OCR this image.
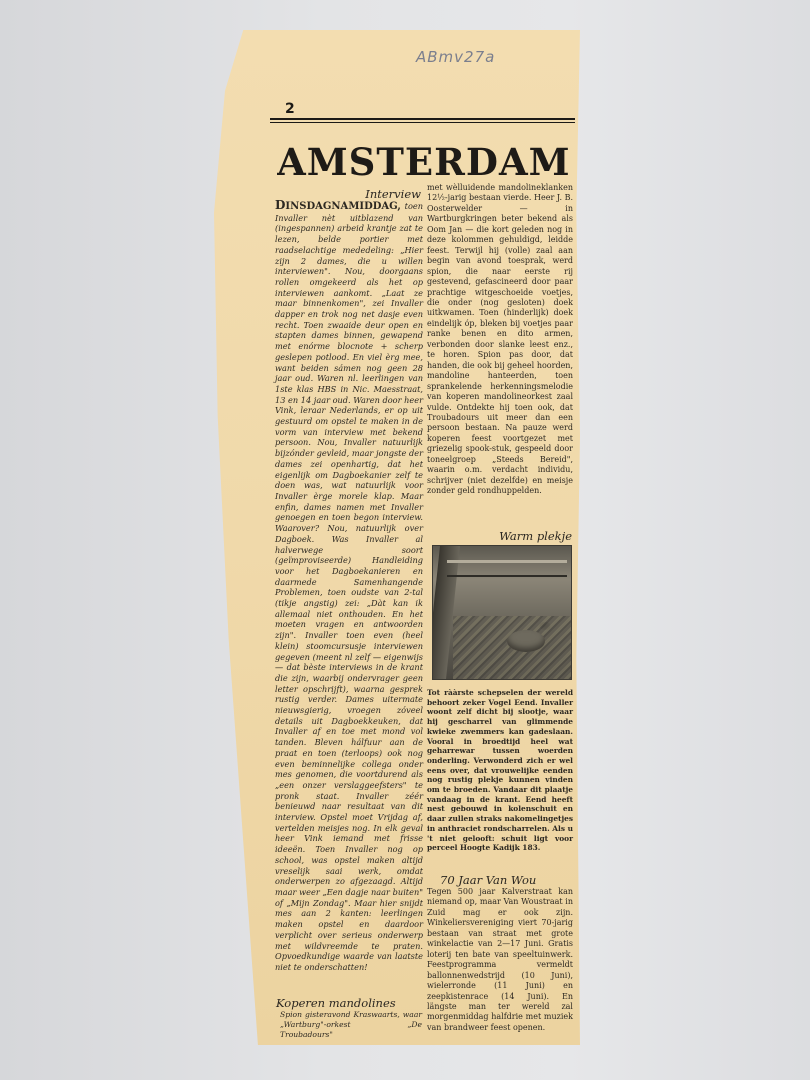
ABmv27a
2
AMSTERDAM
Interview
DINSDAGNAMIDDAG, toen Invaller nèt uitblazend van (ingespannen) arbeid krantje zat te lezen, belde portier met raadselachtige mededeling: „Hier zijn 2 dames, die u willen interviewen". Nou, doorgaans rollen omgekeerd als het op interviewen aankomt. „Laat ze maar binnenkomen", zei Invaller dapper en trok nog net dasje even recht. Toen zwaaide deur open en stapten dames binnen, gewapend met enórme blocnote + scherp geslepen potlood. En viel èrg mee, want beiden sámen nog geen 28 jaar oud. Waren nl. leerlingen van 1ste klas HBS in Nic. Maesstraat, 13 en 14 jaar oud. Waren door heer Vink, leraar Nederlands, er op uit gestuurd om opstel te maken in de vorm van interview met bekend persoon. Nou, Invaller natuurlijk bijzónder gevleid, maar jongste der dames zei openhartig, dat het eigenlijk om Dagboekanier zelf te doen was, wat natuurlijk voor Invaller èrge morele klap. Maar enfin, dames namen met Invaller genoegen en toen begon interview. Waarover? Nou, natuurlijk over Dagboek. Was Invaller al halverwege soort (geïmproviseerde) Handleiding voor het Dagboekanieren en daarmede Samenhangende Problemen, toen oudste van 2-tal (tikje angstig) zei: „Dàt kan ik allemaal niet onthouden. En het moeten vragen en antwoorden zijn". Invaller toen even (heel klein) stoomcursusje interviewen gegeven (meent nl zelf — eigenwijs — dat bèste interviews in de krant die zijn, waarbij ondervrager geen letter opschrijft), waarna gesprek rustig verder. Dames uitermate nieuwsgierig, vroegen zóveel details uit Dagboekkeuken, dat Invaller af en toe met mond vol tanden. Bleven hálfuur aan de praat en toen (terloops) ook nog even beminnelijke collega onder mes genomen, die voortdurend als „een onzer verslaggeefsters" te pronk staat. Invaller zéér benieuwd naar resultaat van dit interview. Opstel moet Vrijdag af, vertelden meisjes nog. In elk geval heer Vink iemand met frisse ideeën. Toen Invaller nog op school, was opstel maken altijd vreselijk saai werk, omdat onderwerpen zo afgezaagd. Altijd maar weer „Een dagje naar buiten" of „Mijn Zondag". Maar hier snijdt mes aan 2 kanten: leerlingen maken opstel en daardoor verplicht over serieus onderwerp met wildvreemde te praten. Opvoedkundige waarde van laatste niet te onderschatten!
Koperen mandolines
Spion gisteravond Kraswaarts, waar „Wartburg"-orkest „De Troubadours"
met wèlluidende mandolineklanken 12½-jarig bestaan vierde. Heer J. B. Oosterwelder — in Wartburgkringen beter bekend als Oom Jan — die kort geleden nog in deze kolommen gehuldigd, leidde feest. Terwijl hij (volle) zaal aan begin van avond toesprak, werd spion, die naar eerste rij gestevend, gefascineerd door paar prachtige witgeschoeide voetjes, die onder (nog gesloten) doek uitkwamen. Toen (hinderlijk) doek eindelijk óp, bleken bij voetjes paar ranke benen en dito armen, verbonden door slanke leest enz., te horen. Spion pas door, dat handen, die ook bij geheel hoorden, mandoline hanteerden, toen sprankelende herkenningsmelodie van koperen mandolineorkest zaal vulde. Ontdekte hij toen ook, dat Troubadours uit meer dan een persoon bestaan. Na pauze werd koperen feest voortgezet met griezelig spook-stuk, gespeeld door toneelgroep „Steeds Bereid", waarin o.m. verdacht individu, schrijver (niet dezelfde) en meisje zonder geld rondhuppelden.
Warm plekje
Tot rààrste schepselen der wereld behoort zeker Vogel Eend. Invaller woont zelf dicht bij slootje, waar hij gescharrel van glimmende kwieke zwemmers kan gadeslaan. Vooral in broedtijd heel wat geharrewar tussen woerden onderling. Verwonderd zich er wel eens over, dat vrouwelijke eenden nog rustig plekje kunnen vinden om te broeden. Vandaar dit plaatje vandaag in de krant. Eend heeft nest gebouwd in kolenschuit en daar zullen straks nakomelingetjes in anthraciet rondscharrelen. Als u 't niet gelooft: schuit ligt voor perceel Hoogte Kadijk 183.
70 Jaar Van Wou
Tegen 500 jaar Kalverstraat kan niemand op, maar Van Woustraat in Zuid mag er ook zijn. Winkeliersvereniging viert 70-jarig bestaan van straat met grote winkelactie van 2—17 Juni. Gratis loterij ten bate van speeltuinwerk. Feestprogramma vermeldt ballonnenwedstrijd (10 Juni), wielerronde (11 Juni) en zeepkistenrace (14 Juni). En längste man ter wereld zal morgenmiddag halfdrie met muziek van brandweer feest openen.
